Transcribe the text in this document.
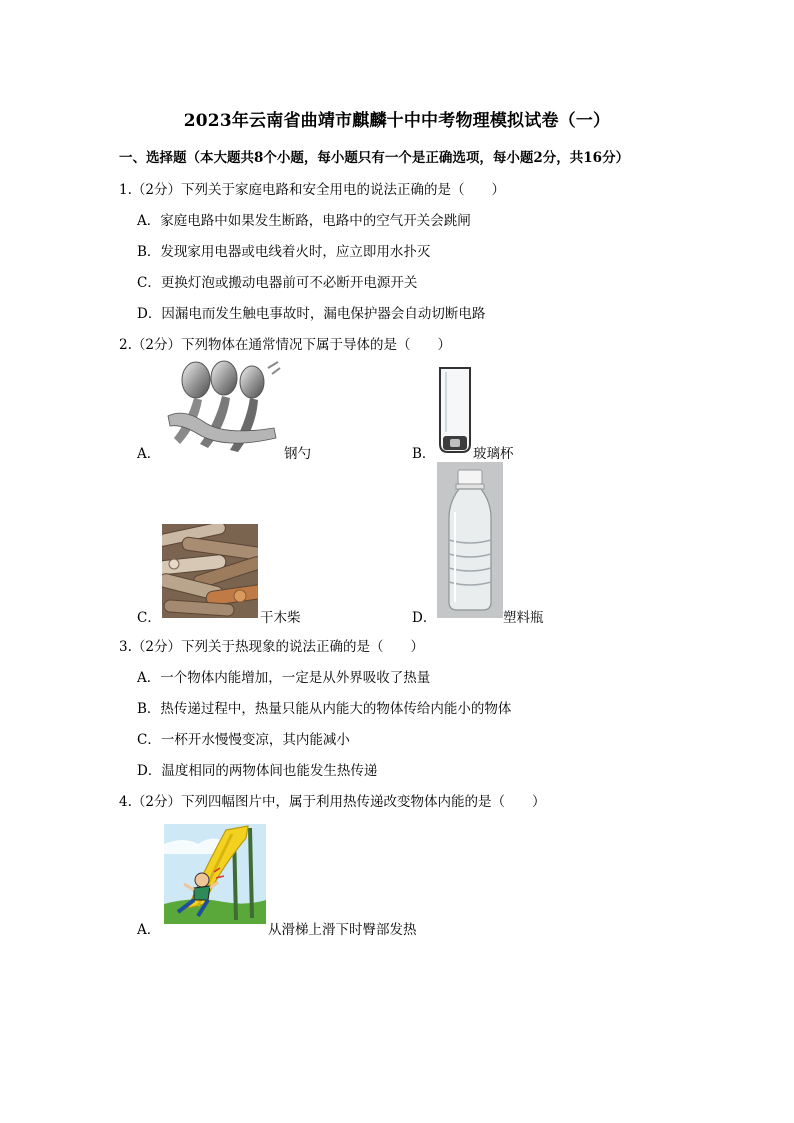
2023年云南省曲靖市麒麟十中中考物理模拟试卷（一）
一、选择题（本大题共8个小题，每小题只有一个是正确选项，每小题2分，共16分）
1.（2分）下列关于家庭电路和安全用电的说法正确的是（　　）
A．家庭电路中如果发生断路，电路中的空气开关会跳闸
B．发现家用电器或电线着火时，应立即用水扑灭
C．更换灯泡或搬动电器前可不必断开电源开关
D．因漏电而发生触电事故时，漏电保护器会自动切断电路
2.（2分）下列物体在通常情况下属于导体的是（　　）
A．	钢勺	B．	玻璃杯
C．	干木柴	D．	塑料瓶
3.（2分）下列关于热现象的说法正确的是（　　）
A．一个物体内能增加，一定是从外界吸收了热量
B．热传递过程中，热量只能从内能大的物体传给内能小的物体
C．一杯开水慢慢变凉，其内能减小
D．温度相同的两物体间也能发生热传递
4.（2分）下列四幅图片中，属于利用热传递改变物体内能的是（　　）
A．	从滑梯上滑下时臀部发热
